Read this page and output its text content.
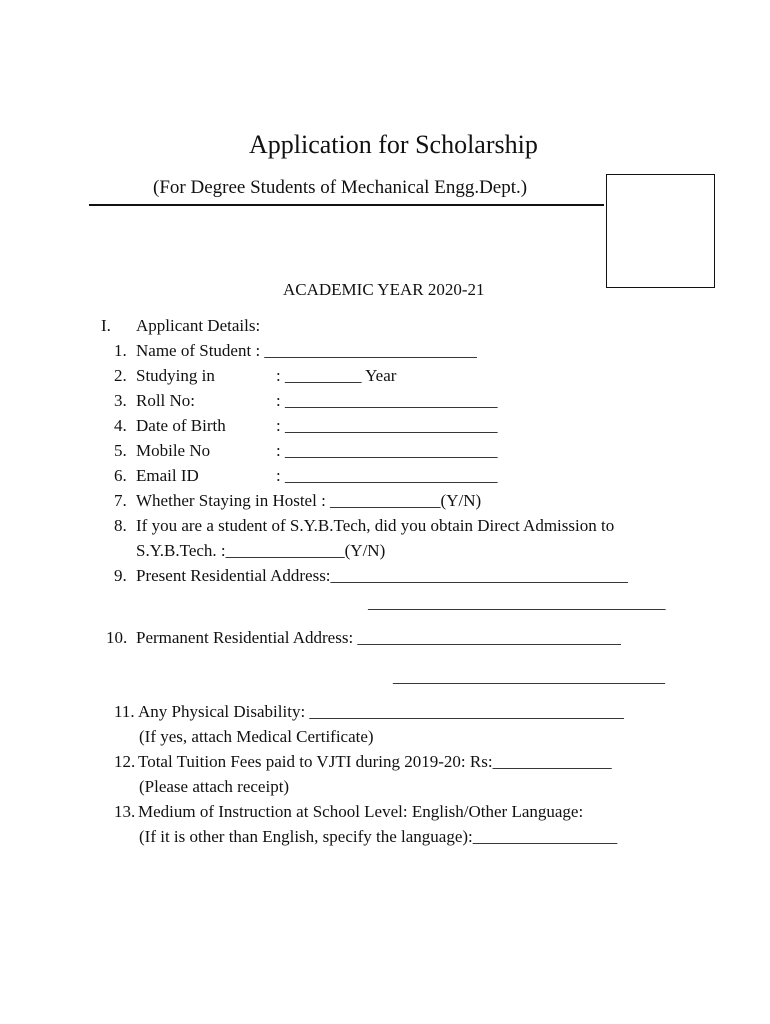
Application for Scholarship
(For Degree Students of Mechanical Engg.Dept.)
ACADEMIC YEAR 2020-21
I. Applicant Details:
1. Name of Student : _________________________
2. Studying in	: _________ Year
3. Roll No:	: _________________________
4. Date of Birth	: _________________________
5. Mobile No	: _________________________
6. Email ID	: _________________________
7. Whether Staying in Hostel : _____________(Y/N)
8. If you are a student of S.Y.B.Tech, did you obtain Direct Admission to
S.Y.B.Tech. :______________(Y/N)
9. Present Residential Address:___________________________________
___________________________________
10. Permanent Residential Address: _______________________________
________________________________
11. Any Physical Disability: _____________________________________
(If yes, attach Medical Certificate)
12. Total Tuition Fees paid to VJTI during 2019-20: Rs:______________
(Please attach receipt)
13. Medium of Instruction at School Level: English/Other Language:
(If it is other than English, specify the language):_________________
